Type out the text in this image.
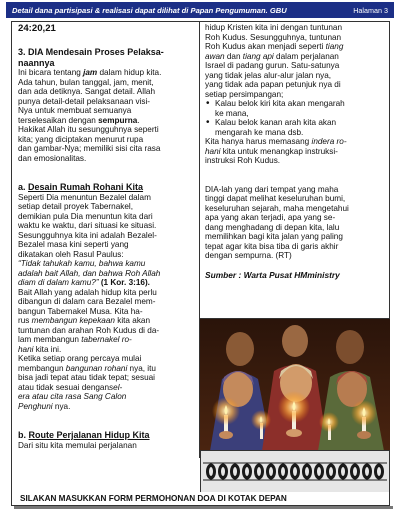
Detail dana partisipasi & realisasi dapat dilihat di Papan Pengumuman. GBU	Halaman 3
24:20,21
3. DIA Mendesain Proses Pelaksa-
naannya
Ini bicara tentang jam dalam hidup kita.
Ada tahun, bulan tanggal, jam, menit,
dan ada detiknya. Sangat detail. Allah
punya detail-detail pelaksanaan visi-
Nya untuk membuat semuanya
terselesaikan dengan sempurna.
Hakikat Allah itu sesungguhnya seperti
kita; yang diciptakan menurut rupa
dan gambar-Nya; memiliki sisi cita rasa
dan emosionalitas.
a. Desain Rumah Rohani Kita
Seperti Dia menuntun Bezalel dalam
setiap detail proyek Tabernakel,
demikian pula Dia menuntun kita dari
waktu ke waktu, dari situasi ke situasi.
Sesungguhnya kita ini adalah Bezalel-
Bezalel masa kini seperti yang
dikatakan oleh Rasul Paulus:
“Tidak tahukah kamu, bahwa kamu
adalah bait Allah, dan bahwa Roh Allah
diam di dalam kamu?” (1 Kor. 3:16).
Bait Allah yang adalah hidup kita perlu
dibangun di dalam cara Bezalel mem-
bangun Tabernakel Musa. Kita ha-
rus membangun kepekaan kita akan
tuntunan dan arahan Roh Kudus di da-
lam membangun tabernakel ro-
hani kita ini.
Ketika setiap orang percaya mulai
membangun bangunan rohani nya, itu
bisa jadi tepat atau tidak tepat; sesuai
atau tidak sesuai dengansel-
era atau cita rasa Sang Calon
Penghuni nya.
b. Route Perjalanan Hidup Kita
Dari situ kita memulai perjalanan
hidup Kristen kita ini dengan tuntunan
Roh Kudus. Sesungguhnya, tuntunan
Roh Kudus akan menjadi seperti tiang
awan dan tiang api dalam perjalanan
Israel di padang gurun. Satu-satunya
yang tidak jelas alur-alur jalan nya,
yang tidak ada papan petunjuk nya di
setiap persimpangan;
• Kalau belok kiri kita akan mengarah
ke mana,
• Kalau belok kanan arah kita akan
mengarah ke mana dsb.
Kita hanya harus memasang indera ro-
hani kita untuk menangkap instruksi-
instruksi Roh Kudus.
DIA-lah yang dari tempat yang maha
tinggi dapat melihat keseluruhan bumi,
keseluruhan sejarah, maha mengetahui
apa yang akan terjadi, apa yang se-
dang menghadang di depan kita, lalu
memilihkan bagi kita jalan yang paling
tepat agar kita bisa tiba di garis akhir
dengan sempurna. (RT)
Sumber : Warta Pusat HMministry
SILAKAN MASUKKAN FORM PERMOHONAN DOA DI KOTAK DEPAN
